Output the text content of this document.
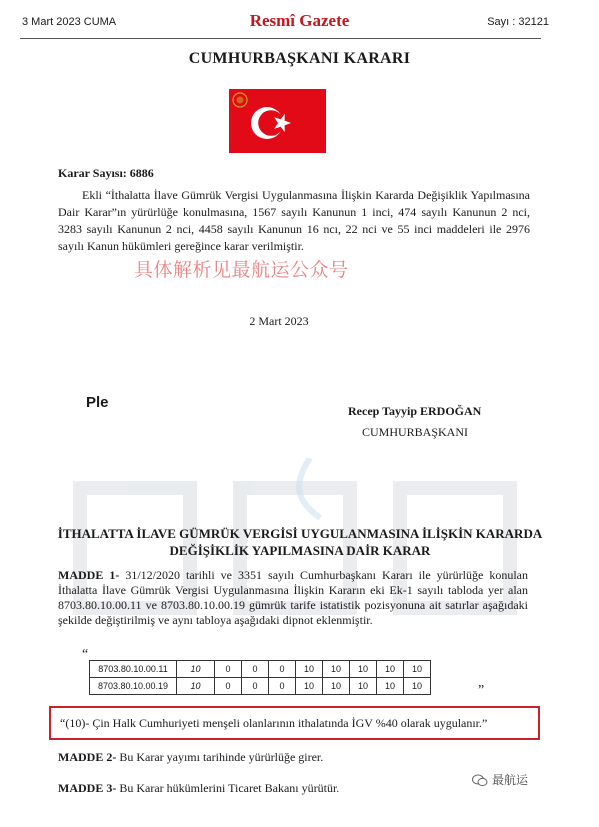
3 Mart 2023 CUMA	Resmî Gazete	Sayı : 32121
CUMHURBAŞKANI KARARI
Karar Sayısı: 6886
Ekli “İthalatta İlave Gümrük Vergisi Uygulanmasına İlişkin Kararda Değişiklik Yapılmasına Dair Karar”ın yürürlüğe konulmasına, 1567 sayılı Kanunun 1 inci, 474 sayılı Kanunun 2 nci, 3283 sayılı Kanunun 2 nci, 4458 sayılı Kanunun 16 ncı, 22 nci ve 55 inci maddeleri ile 2976 sayılı Kanun hükümleri gereğince karar verilmiştir.
具体解析见最航运公众号
2 Mart 2023
Ple	Recep Tayyip ERDOĞAN
CUMHURBAŞKANI
İTHALATTA İLAVE GÜMRÜK VERGİSİ UYGULANMASINA İLİŞKİN KARARDA
DEĞİŞİKLİK YAPILMASINA DAİR KARAR
MADDE 1- 31/12/2020 tarihli ve 3351 sayılı Cumhurbaşkanı Kararı ile yürürlüğe konulan İthalatta İlave Gümrük Vergisi Uygulanmasına İlişkin Kararın eki Ek-1 sayılı tabloda yer alan 8703.80.10.00.11 ve 8703.80.10.00.19 gümrük tarife istatistik pozisyonuna ait satırlar aşağıdaki şekilde değiştirilmiş ve aynı tabloya aşağıdaki dipnot eklenmiştir.
“
8703.80.10.00.11	10	0	0	0	10	10	10	10	10
8703.80.10.00.19	10	0	0	0	10	10	10	10	10	”
“(10)- Çin Halk Cumhuriyeti menşeli olanlarının ithalatında İGV %40 olarak uygulanır.”
MADDE 2- Bu Karar yayımı tarihinde yürürlüğe girer.
MADDE 3- Bu Karar hükümlerini Ticaret Bakanı yürütür.
最航运
